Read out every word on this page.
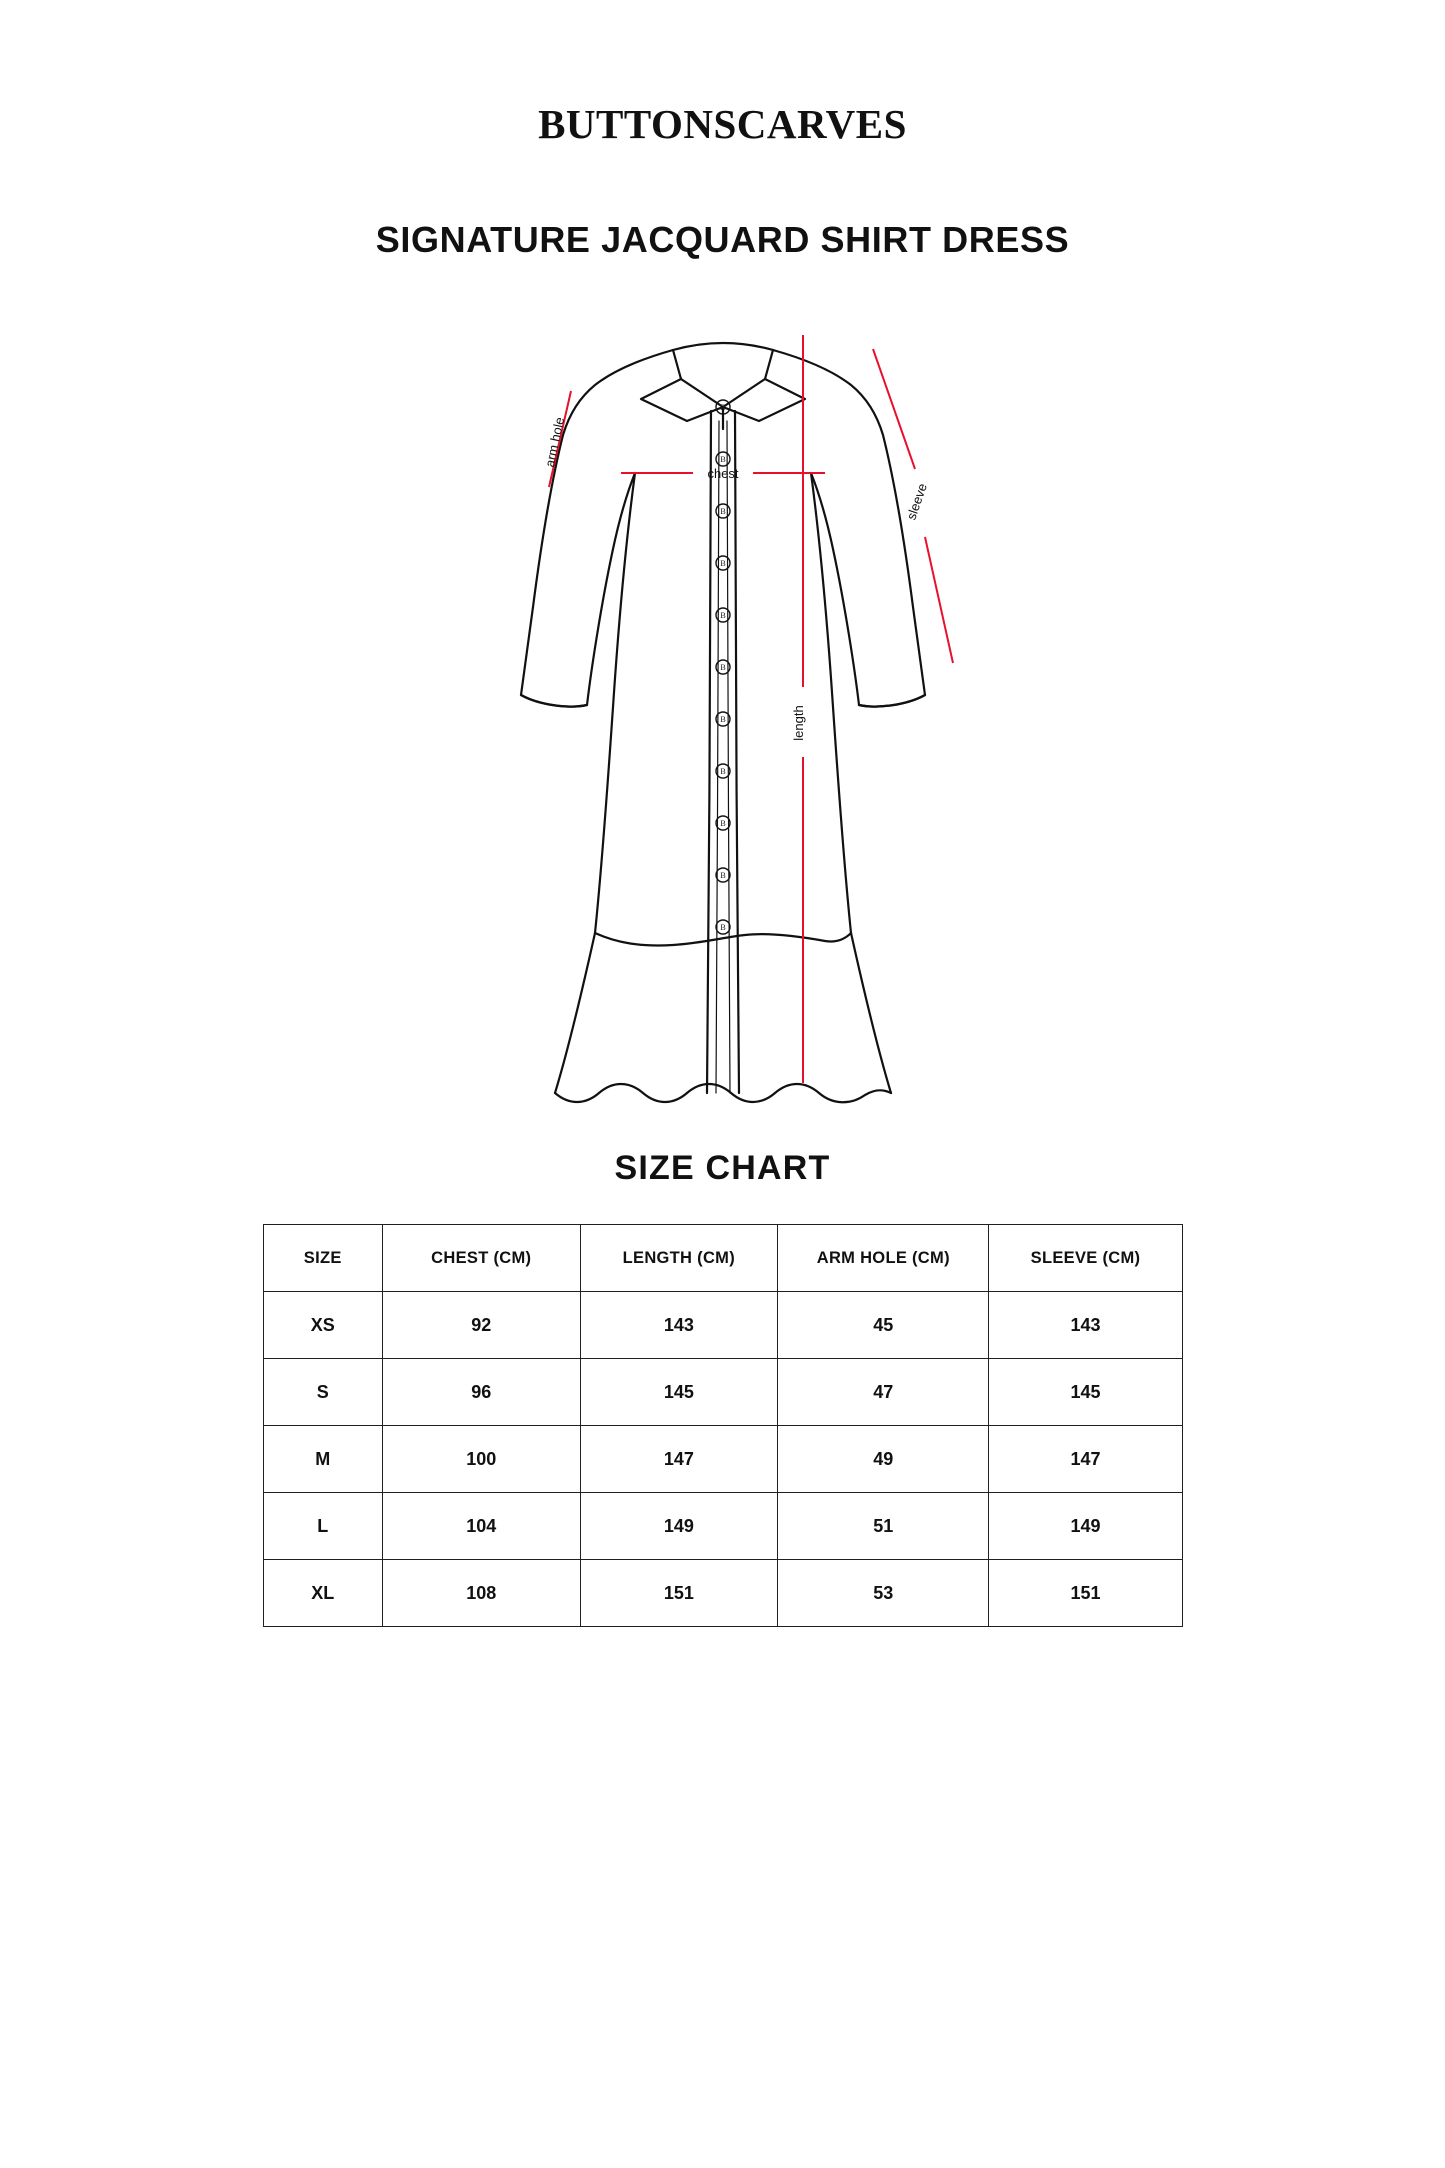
BUTTONSCARVES
SIGNATURE JACQUARD SHIRT DRESS
B
B
B
B
B
B
B
B
B
B
B
chest
length
arm hole
sleeve
SIZE CHART
SIZE	CHEST (CM)	LENGTH (CM)	ARM HOLE (CM)	SLEEVE (CM)
XS	92	143	45	143
S	96	145	47	145
M	100	147	49	147
L	104	149	51	149
XL	108	151	53	151
